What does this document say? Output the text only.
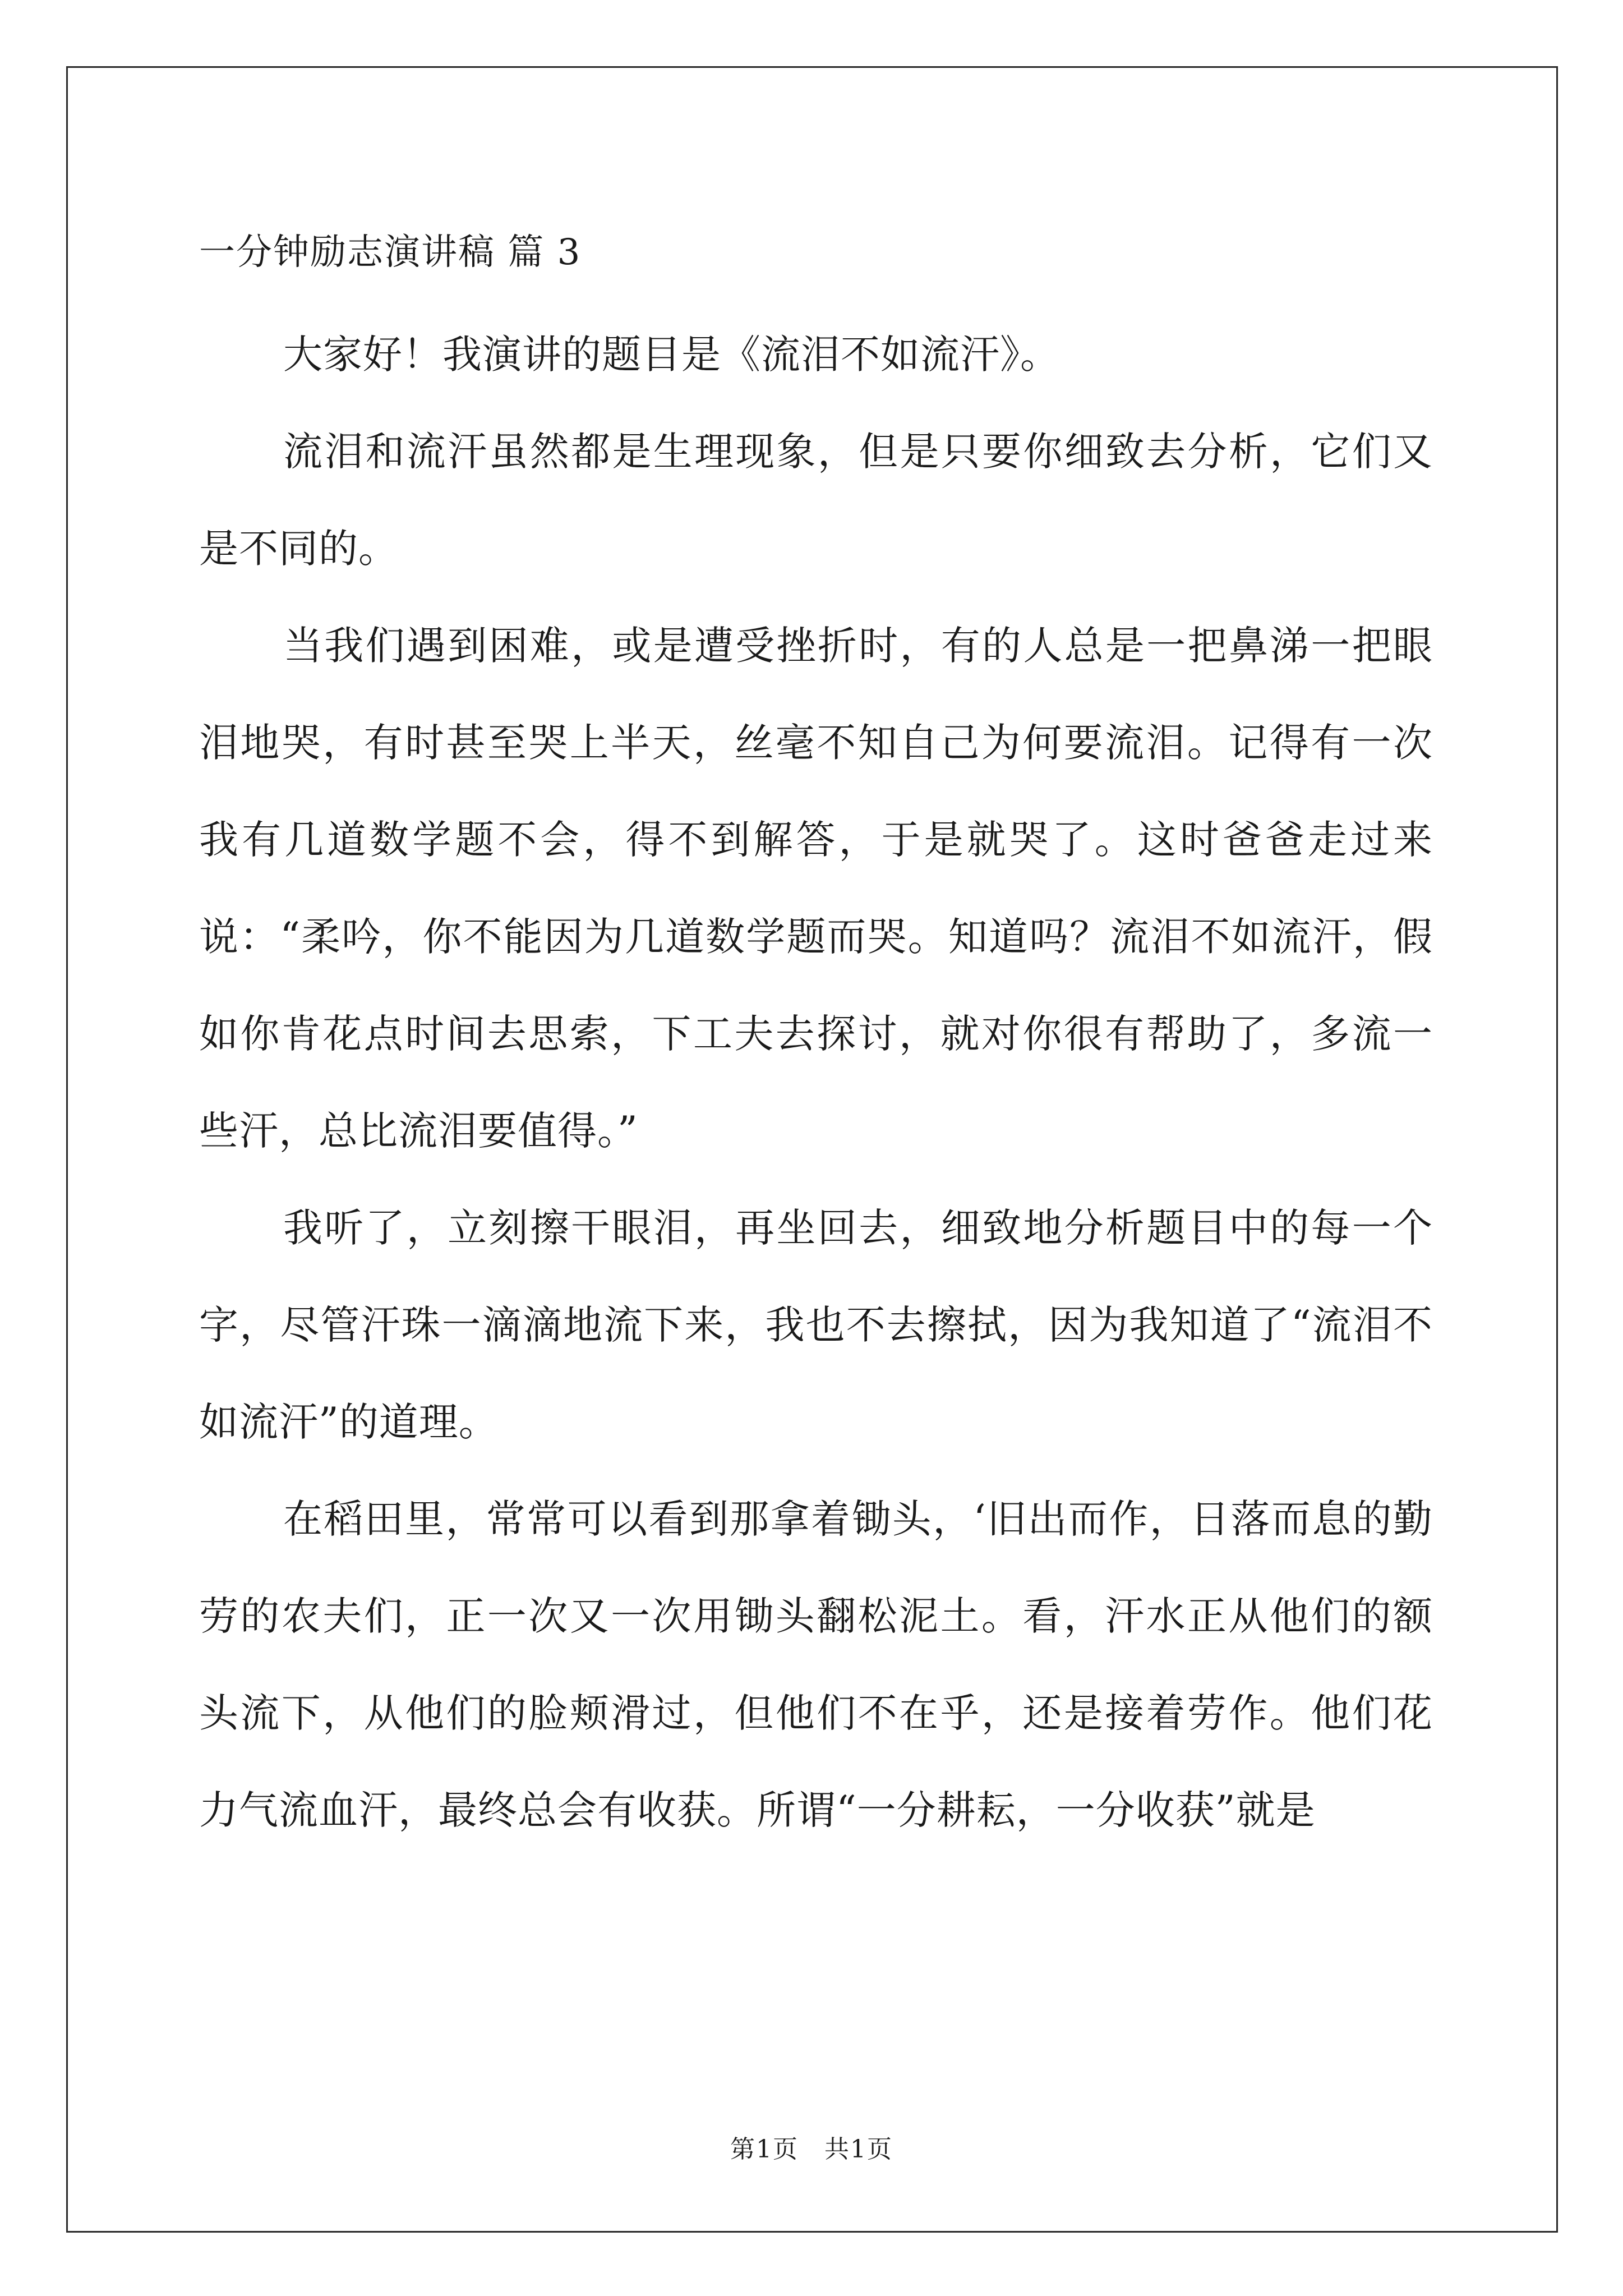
一分钟励志演讲稿 篇 3

大家好！我演讲的题目是《流泪不如流汗》。

流泪和流汗虽然都是生理现象，但是只要你细致去分析，它们又是不同的。

当我们遇到困难，或是遭受挫折时，有的人总是一把鼻涕一把眼泪地哭，有时甚至哭上半天，丝毫不知自己为何要流泪。记得有一次我有几道数学题不会，得不到解答，于是就哭了。这时爸爸走过来说：“柔吟，你不能因为几道数学题而哭。知道吗？流泪不如流汗，假如你肯花点时间去思索，下工夫去探讨，就对你很有帮助了，多流一些汗，总比流泪要值得。”

我听了，立刻擦干眼泪，再坐回去，细致地分析题目中的每一个字，尽管汗珠一滴滴地流下来，我也不去擦拭，因为我知道了“流泪不如流汗”的道理。

在稻田里，常常可以看到那拿着锄头，‘旧出而作，日落而息的勤劳的农夫们，正一次又一次用锄头翻松泥土。看，汗水正从他们的额头流下，从他们的脸颊滑过，但他们不在乎，还是接着劳作。他们花力气流血汗，最终总会有收获。所谓“一分耕耘，一分收获”就是

第1页　共1页
